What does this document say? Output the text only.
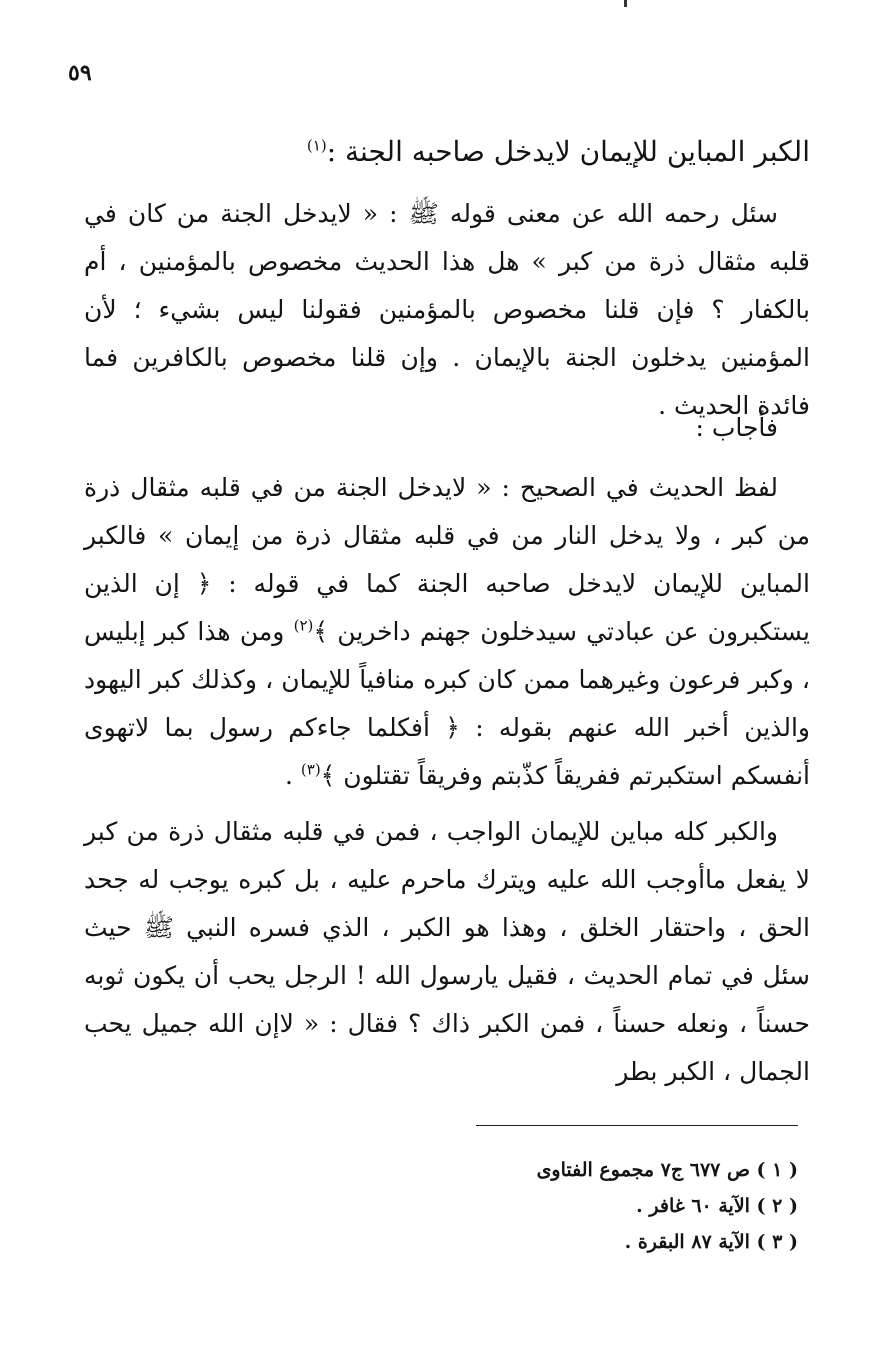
٥٩
الكبر المباين للإيمان لايدخل صاحبه الجنة :$^{(١)}$

سئل رحمه الله عن معنى قوله ﷺ : « لايدخل الجنة من كان في قلبه مثقال ذرة من كبر » هل هذا الحديث مخصوص بالمؤمنين ، أم بالكفار ؟ فإن قلنا مخصوص بالمؤمنين فقولنا ليس بشيء ؛ لأن المؤمنين يدخلون الجنة بالإيمان . وإن قلنا مخصوص بالكافرين فما فائدة الحديث .

فأجاب :

لفظ الحديث في الصحيح : « لايدخل الجنة من في قلبه مثقال ذرة من كبر ، ولا يدخل النار من في قلبه مثقال ذرة من إيمان » فالكبر المباين للإيمان لايدخل صاحبه الجنة كما في قوله : ﴿ إن الذين يستكبرون عن عبادتي سيدخلون جهنم داخرين ﴾$^{(٢)}$ ومن هذا كبر إبليس ، وكبر فرعون وغيرهما ممن كان كبره منافياً للإيمان ، وكذلك كبر اليهود والذين أخبر الله عنهم بقوله : ﴿ أفكلما جاءكم رسول بما لاتهوى أنفسكم استكبرتم ففريقاً كذّبتم وفريقاً تقتلون ﴾$^{(٣)}$ .

والكبر كله مباين للإيمان الواجب ، فمن في قلبه مثقال ذرة من كبر لا يفعل ماأوجب الله عليه ويترك ماحرم عليه ، بل كبره يوجب له جحد الحق ، واحتقار الخلق ، وهذا هو الكبر ، الذي فسره النبي ﷺ حيث سئل في تمام الحديث ، فقيل يارسول الله ! الرجل يحب أن يكون ثوبه حسناً ، ونعله حسناً ، فمن الكبر ذاك ؟ فقال : « لاإن الله جميل يحب الجمال ، الكبر بطر

( ١ ) ص ٦٧٧ ج٧ مجموع الفتاوى
( ٢ ) الآية ٦٠ غافر .
( ٣ ) الآية ٨٧ البقرة .
